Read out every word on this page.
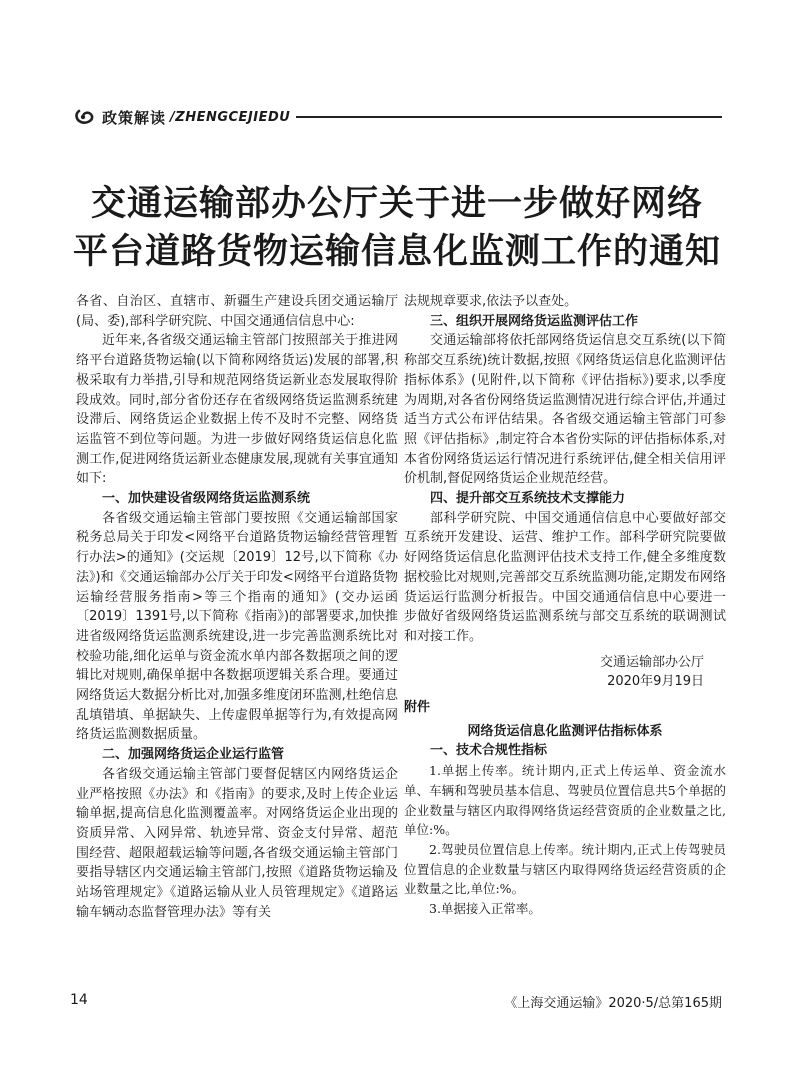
政策解读 /ZHENGCEJIEDU
交通运输部办公厅关于进一步做好网络
平台道路货物运输信息化监测工作的通知

各省、自治区、直辖市、新疆生产建设兵团交通运输厅(局、委),部科学研究院、中国交通通信信息中心:

近年来,各省级交通运输主管部门按照部关于推进网络平台道路货物运输(以下简称网络货运)发展的部署,积极采取有力举措,引导和规范网络货运新业态发展取得阶段成效。同时,部分省份还存在省级网络货运监测系统建设滞后、网络货运企业数据上传不及时不完整、网络货运监管不到位等问题。为进一步做好网络货运信息化监测工作,促进网络货运新业态健康发展,现就有关事宜通知如下:

一、加快建设省级网络货运监测系统

各省级交通运输主管部门要按照《交通运输部国家税务总局关于印发<网络平台道路货物运输经营管理暂行办法>的通知》(交运规〔2019〕12号,以下简称《办法》)和《交通运输部办公厅关于印发<网络平台道路货物运输经营服务指南>等三个指南的通知》(交办运函〔2019〕1391号,以下简称《指南》)的部署要求,加快推进省级网络货运监测系统建设,进一步完善监测系统比对校验功能,细化运单与资金流水单内部各数据项之间的逻辑比对规则,确保单据中各数据项逻辑关系合理。要通过网络货运大数据分析比对,加强多维度闭环监测,杜绝信息乱填错填、单据缺失、上传虚假单据等行为,有效提高网络货运监测数据质量。

二、加强网络货运企业运行监管

各省级交通运输主管部门要督促辖区内网络货运企业严格按照《办法》和《指南》的要求,及时上传企业运输单据,提高信息化监测覆盖率。对网络货运企业出现的资质异常、入网异常、轨迹异常、资金支付异常、超范围经营、超限超载运输等问题,各省级交通运输主管部门要指导辖区内交通运输主管部门,按照《道路货物运输及站场管理规定》《道路运输从业人员管理规定》《道路运输车辆动态监督管理办法》等有关

法规规章要求,依法予以查处。

三、组织开展网络货运监测评估工作

交通运输部将依托部网络货运信息交互系统(以下简称部交互系统)统计数据,按照《网络货运信息化监测评估指标体系》(见附件,以下简称《评估指标》)要求,以季度为周期,对各省份网络货运监测情况进行综合评估,并通过适当方式公布评估结果。各省级交通运输主管部门可参照《评估指标》,制定符合本省份实际的评估指标体系,对本省份网络货运运行情况进行系统评估,健全相关信用评价机制,督促网络货运企业规范经营。

四、提升部交互系统技术支撑能力

部科学研究院、中国交通通信信息中心要做好部交互系统开发建设、运营、维护工作。部科学研究院要做好网络货运信息化监测评估技术支持工作,健全多维度数据校验比对规则,完善部交互系统监测功能,定期发布网络货运运行监测分析报告。中国交通通信信息中心要进一步做好省级网络货运监测系统与部交互系统的联调测试和对接工作。

交通运输部办公厅

2020年9月19日

附件

网络货运信息化监测评估指标体系

一、技术合规性指标

1.单据上传率。统计期内,正式上传运单、资金流水单、车辆和驾驶员基本信息、驾驶员位置信息共5个单据的企业数量与辖区内取得网络货运经营资质的企业数量之比,单位:%。

2.驾驶员位置信息上传率。统计期内,正式上传驾驶员位置信息的企业数量与辖区内取得网络货运经营资质的企业数量之比,单位:%。

3.单据接入正常率。

14	《上海交通运输》2020·5/总第165期
